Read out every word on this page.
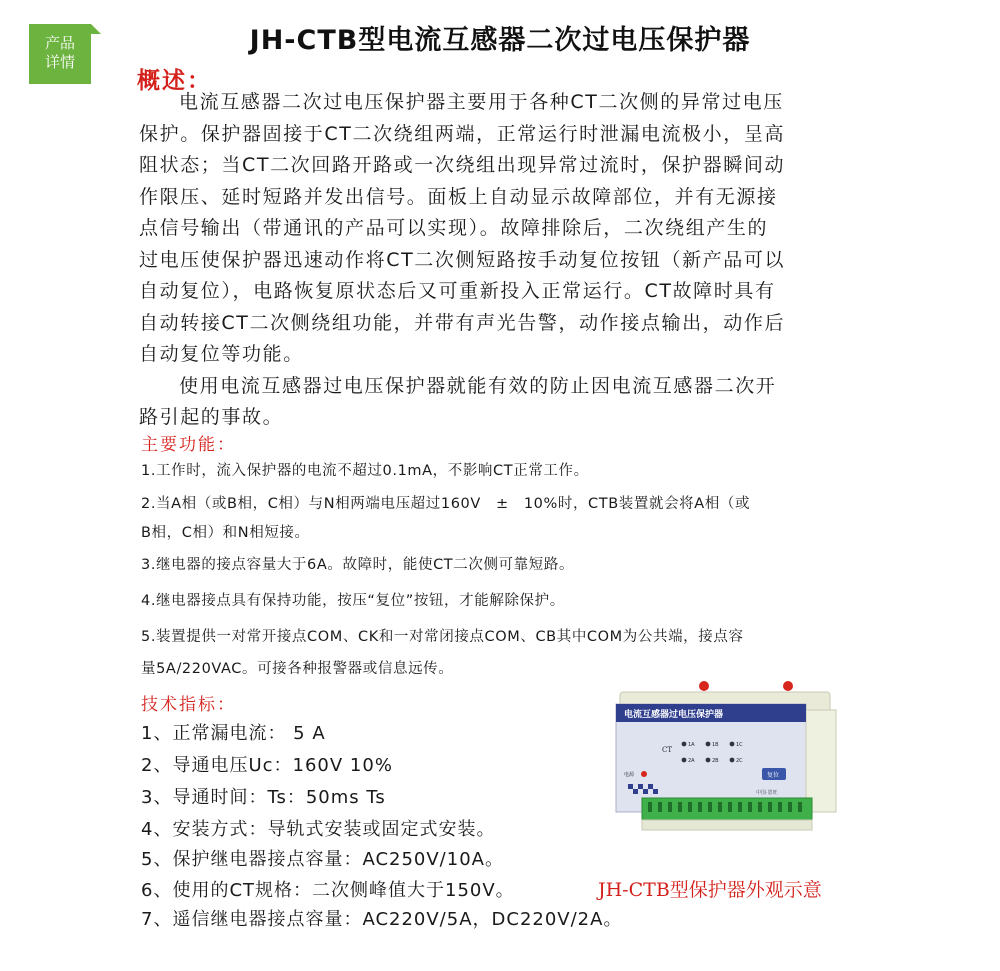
产品
详情
JH-CTB型电流互感器二次过电压保护器
概述：

电流互感器二次过电压保护器主要用于各种CT二次侧的异常过电压

保护。保护器固接于CT二次绕组两端，正常运行时泄漏电流极小，呈高

阻状态；当CT二次回路开路或一次绕组出现异常过流时，保护器瞬间动

作限压、延时短路并发出信号。面板上自动显示故障部位，并有无源接

点信号输出（带通讯的产品可以实现）。故障排除后，二次绕组产生的

过电压使保护器迅速动作将CT二次侧短路按手动复位按钮（新产品可以

自动复位），电路恢复原状态后又可重新投入正常运行。CT故障时具有

自动转接CT二次侧绕组功能，并带有声光告警，动作接点输出，动作后

自动复位等功能。

使用电流互感器过电压保护器就能有效的防止因电流互感器二次开

路引起的事故。

主要功能：
1.工作时，流入保护器的电流不超过0.1mA，不影响CT正常工作。
2.当A相（或B相，C相）与N相两端电压超过160V　±　10%时，CTB装置就会将A相（或
B相，C相）和N相短接。
3.继电器的接点容量大于6A。故障时，能使CT二次侧可靠短路。
4.继电器接点具有保持功能，按压“复位”按钮，才能解除保护。
5.装置提供一对常开接点COM、CK和一对常闭接点COM、CB其中COM为公共端，接点容
量5A/220VAC。可接各种报警器或信息远传。
技术指标：
1、正常漏电流： 5 A
2、导通电压Uc：160V 10%
3、导通时间：Ts：50ms Ts
4、安装方式：导轨式安装或固定式安装。
5、保护继电器接点容量：AC250V/10A。
6、使用的CT规格：二次侧峰值大于150V。
7、遥信继电器接点容量：AC220V/5A，DC220V/2A。
电流互感器过电压保护器
CT
1A	1B	1C
2A	2B	2C
电源	复位
中国·恩旺
JH-CTB型保护器外观示意
